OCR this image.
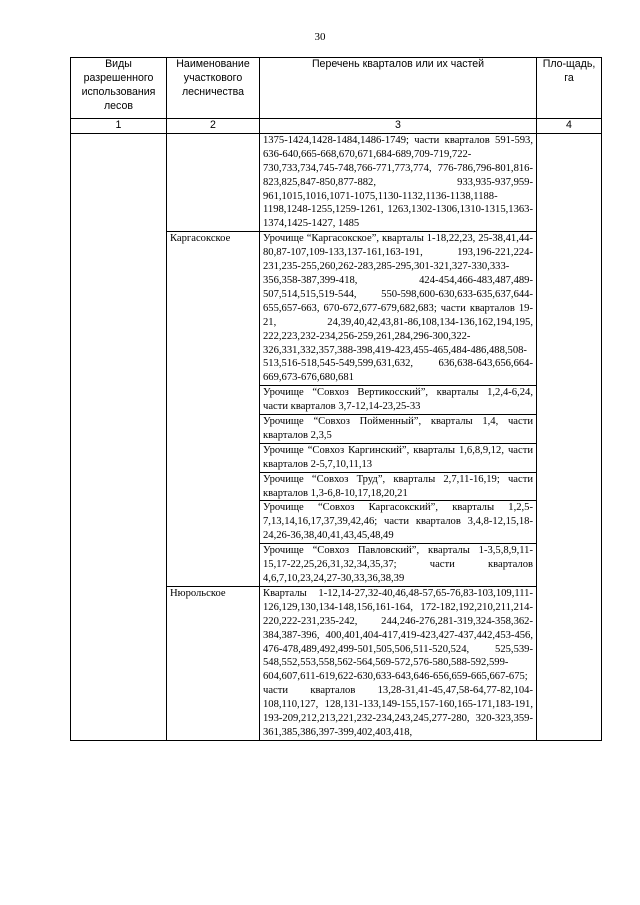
30
Виды разрешенного использования лесов	Наименование участкового лесничества	Перечень кварталов или их частей	Пло-щадь, га
1	2	3	4

		1375-1424,1428-1484,1486-1749; части кварталов 591-593, 636-640,665-668,670,671,684-689,709-719,722-730,733,734,745-748,766-771,773,774, 776-786,796-801,816-823,825,847-850,877-882, 933,935-937,959-961,1015,1016,1071-1075,1130-1132,1136-1138,1188-1198,1248-1255,1259-1261, 1263,1302-1306,1310-1315,1363-1374,1425-1427, 1485	

	Каргасокское	Урочище “Каргасокское”, кварталы 1-18,22,23, 25-38,41,44-80,87-107,109-133,137-161,163-191, 193,196-221,224-231,235-255,260,262-283,285-295,301-321,327-330,333-356,358-387,399-418, 424-454,466-483,487,489-507,514,515,519-544, 550-598,600-630,633-635,637,644-655,657-663, 670-672,677-679,682,683; части кварталов 19-21, 24,39,40,42,43,81-86,108,134-136,162,194,195, 222,223,232-234,256-259,261,284,296-300,322-326,331,332,357,388-398,419-423,455-465,484-486,488,508-513,516-518,545-549,599,631,632, 636,638-643,656,664-669,673-676,680,681	

		Урочище “Совхоз Вертикосский”, кварталы 1,2,4-6,24, части кварталов 3,7-12,14-23,25-33	

		Урочище “Совхоз Пойменный”, кварталы 1,4, части кварталов 2,3,5	

		Урочище “Совхоз Каргинский”, кварталы 1,6,8,9,12, части кварталов 2-5,7,10,11,13	

		Урочище “Совхоз Труд”, кварталы 2,7,11-16,19; части кварталов 1,3-6,8-10,17,18,20,21	

		Урочище “Совхоз Каргасокский”, кварталы 1,2,5-7,13,14,16,17,37,39,42,46; части кварталов 3,4,8-12,15,18-24,26-36,38,40,41,43,45,48,49	

		Урочище “Совхоз Павловский”, кварталы 1-3,5,8,9,11-15,17-22,25,26,31,32,34,35,37; части кварталов 4,6,7,10,23,24,27-30,33,36,38,39	

	Нюрольское	Кварталы 1-12,14-27,32-40,46,48-57,65-76,83-103,109,111-126,129,130,134-148,156,161-164, 172-182,192,210,211,214-220,222-231,235-242, 244,246-276,281-319,324-358,362-384,387-396, 400,401,404-417,419-423,427-437,442,453-456, 476-478,489,492,499-501,505,506,511-520,524, 525,539-548,552,553,558,562-564,569-572,576-580,588-592,599-604,607,611-619,622-630,633-643,646-656,659-665,667-675; части кварталов 13,28-31,41-45,47,58-64,77-82,104-108,110,127, 128,131-133,149-155,157-160,165-171,183-191, 193-209,212,213,221,232-234,243,245,277-280, 320-323,359-361,385,386,397-399,402,403,418,	
